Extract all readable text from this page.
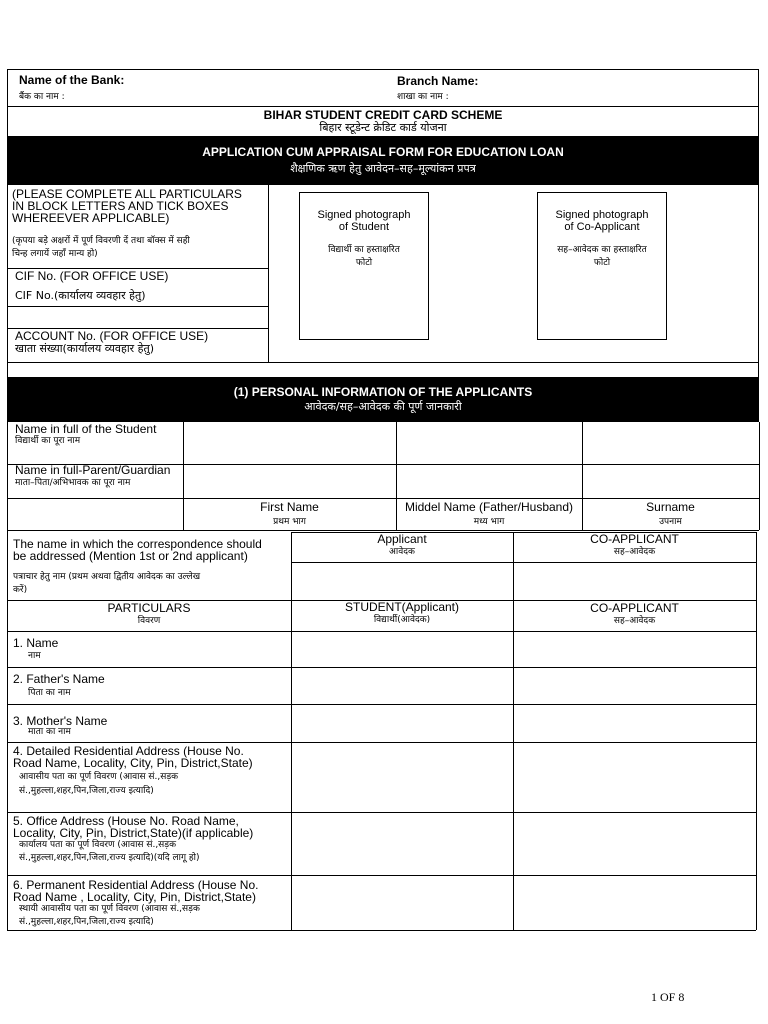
Name of the Bank:
बैंक का नाम :
Branch Name:
शाखा का नाम :
BIHAR STUDENT CREDIT CARD SCHEME
बिहार स्टूडेन्ट क्रेडिट कार्ड योजना
APPLICATION CUM APPRAISAL FORM FOR EDUCATION LOAN
शैक्षणिक ऋण हेतु आवेदन–सह–मूल्यांकन प्रपत्र
(PLEASE COMPLETE ALL PARTICULARS
IN BLOCK LETTERS AND TICK BOXES
WHEREEVER APPLICABLE)
(कृपया बड़े अक्षरों में पूर्ण विवरणी दें तथा बॉक्स में सही
चिन्ह लगायें जहाँ मान्य हो)
CIF No. (FOR OFFICE USE)
CIF No.(कार्यालय व्यवहार हेतु)
ACCOUNT No. (FOR OFFICE USE)
खाता संख्या(कार्यालय व्यवहार हेतु)
Signed photograph
of Student
विद्यार्थी का हस्ताक्षरित
फोटो
Signed photograph
of Co-Applicant
सह–आवेदक का हस्ताक्षरित
फोटो
(1) PERSONAL INFORMATION OF THE APPLICANTS
आवेदक/सह–आवेदक की पूर्ण जानकारी
Name in full of the Student
विद्यार्थी का पूरा नाम
Name in full-Parent/Guardian
माता–पिता/अभिभावक का पूरा नाम
First Name
प्रथम भाग
Middel Name (Father/Husband)
मध्य भाग
Surname
उपनाम
The name in which the correspondence should
be addressed (Mention 1st or 2nd applicant)
पत्राचार हेतु नाम (प्रथम अथवा द्वितीय आवेदक का उल्लेख
करें)
Applicant
आवेदक
CO-APPLICANT
सह–आवेदक
PARTICULARS
विवरण
STUDENT(Applicant)
विद्यार्थी(आवेदक)
CO-APPLICANT
सह–आवेदक
1. Name
नाम
2. Father's Name
पिता का नाम
3. Mother's Name
माता का नाम
4. Detailed Residential Address (House No.
Road Name, Locality, City, Pin, District,State)
आवासीय पता का पूर्ण विवरण (आवास सं.,सड़क
सं.,मुहल्ला,शहर,पिन,जिला,राज्य इत्यादि)
5. Office Address (House No. Road Name,
Locality, City, Pin, District,State)(if applicable)
कार्यालय पता का पूर्ण विवरण (आवास सं.,सड़क
सं.,मुहल्ला,शहर,पिन,जिला,राज्य इत्यादि)(यदि लागू हो)
6. Permanent Residential Address (House No.
Road Name , Locality, City, Pin, District,State)
स्थायी आवासीय पता का पूर्ण विवरण (आवास सं.,सड़क
सं.,मुहल्ला,शहर,पिन,जिला,राज्य इत्यादि)
1 OF 8
